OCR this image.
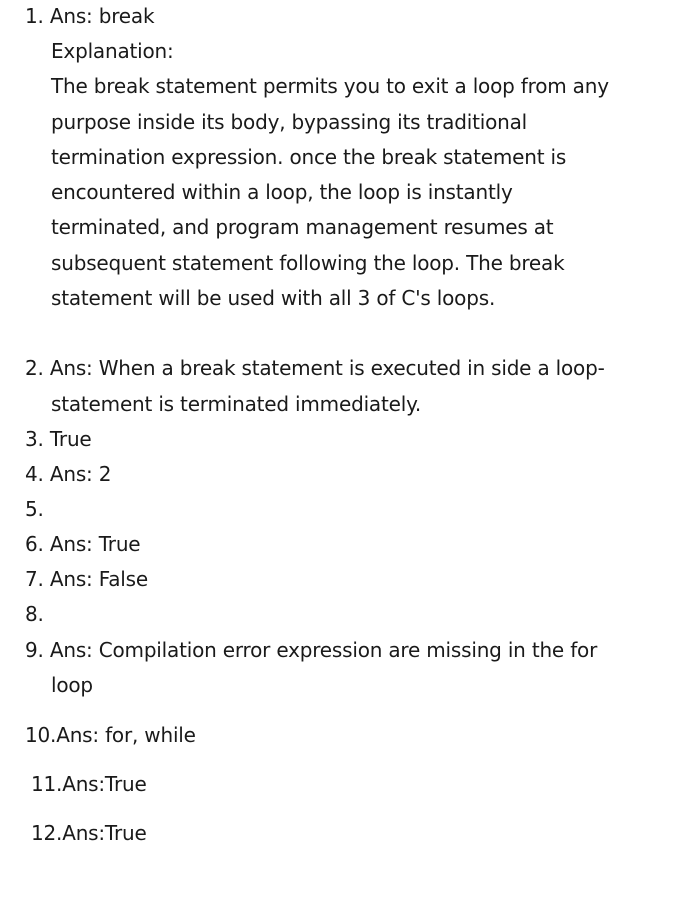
1. Ans: break
Explanation:
The break statement permits you to exit a loop from any
purpose inside its body, bypassing its traditional
termination expression. once the break statement is
encountered within a loop, the loop is instantly
terminated, and program management resumes at
subsequent statement following the loop. The break
statement will be used with all 3 of C's loops.
2. Ans: When a break statement is executed in side a loop-
statement is terminated immediately.
3. True
4. Ans: 2
5.
6. Ans: True
7. Ans: False
8.
9. Ans: Compilation error expression are missing in the for
loop
10.Ans: for, while
11.Ans:True
12.Ans:True
